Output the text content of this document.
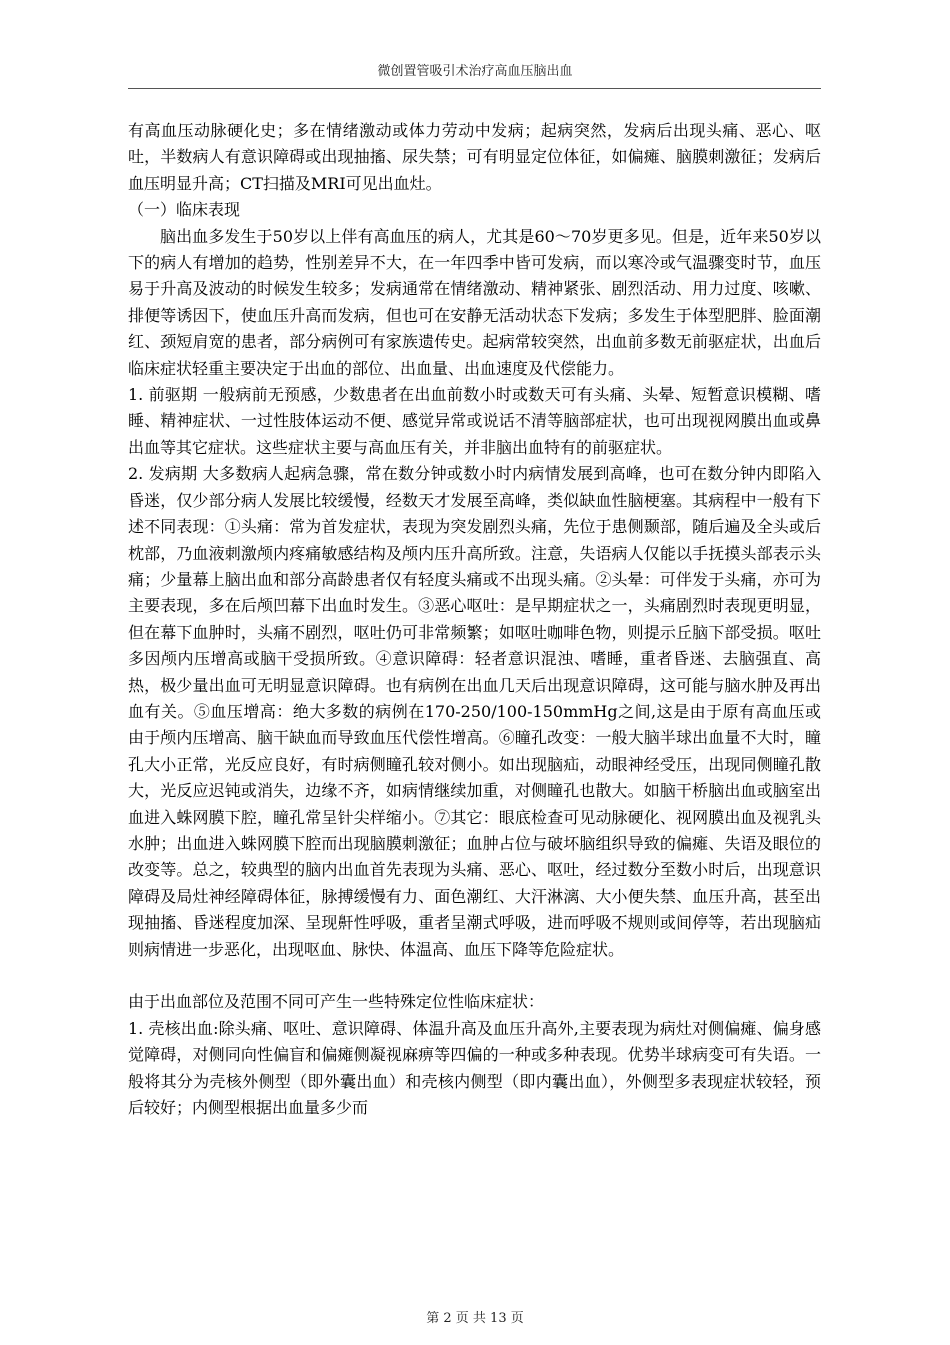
微创置管吸引术治疗高血压脑出血

有高血压动脉硬化史；多在情绪激动或体力劳动中发病；起病突然，发病后出现头痛、恶心、呕吐，半数病人有意识障碍或出现抽搐、尿失禁；可有明显定位体征，如偏瘫、脑膜刺激征；发病后血压明显升高；CT扫描及MRI可见出血灶。

（一）临床表现

脑出血多发生于50岁以上伴有高血压的病人，尤其是60～70岁更多见。但是，近年来50岁以下的病人有增加的趋势，性别差异不大，在一年四季中皆可发病，而以寒冷或气温骤变时节，血压易于升高及波动的时候发生较多；发病通常在情绪激动、精神紧张、剧烈活动、用力过度、咳嗽、排便等诱因下，使血压升高而发病，但也可在安静无活动状态下发病；多发生于体型肥胖、脸面潮红、颈短肩宽的患者，部分病例可有家族遗传史。起病常较突然，出血前多数无前驱症状，出血后临床症状轻重主要决定于出血的部位、出血量、出血速度及代偿能力。

1. 前驱期 一般病前无预感，少数患者在出血前数小时或数天可有头痛、头晕、短暂意识模糊、嗜睡、精神症状、一过性肢体运动不便、感觉异常或说话不清等脑部症状，也可出现视网膜出血或鼻出血等其它症状。这些症状主要与高血压有关，并非脑出血特有的前驱症状。

2. 发病期 大多数病人起病急骤，常在数分钟或数小时内病情发展到高峰，也可在数分钟内即陷入昏迷，仅少部分病人发展比较缓慢，经数天才发展至高峰，类似缺血性脑梗塞。其病程中一般有下述不同表现：①头痛：常为首发症状，表现为突发剧烈头痛，先位于患侧颞部，随后遍及全头或后枕部，乃血液刺激颅内疼痛敏感结构及颅内压升高所致。注意，失语病人仅能以手抚摸头部表示头痛；少量幕上脑出血和部分高龄患者仅有轻度头痛或不出现头痛。②头晕：可伴发于头痛，亦可为主要表现，多在后颅凹幕下出血时发生。③恶心呕吐：是早期症状之一，头痛剧烈时表现更明显，但在幕下血肿时，头痛不剧烈，呕吐仍可非常频繁；如呕吐咖啡色物，则提示丘脑下部受损。呕吐多因颅内压增高或脑干受损所致。④意识障碍：轻者意识混浊、嗜睡，重者昏迷、去脑强直、高热，极少量出血可无明显意识障碍。也有病例在出血几天后出现意识障碍，这可能与脑水肿及再出血有关。⑤血压增高：绝大多数的病例在170-250/100-150mmHg之间,这是由于原有高血压或由于颅内压增高、脑干缺血而导致血压代偿性增高。⑥瞳孔改变：一般大脑半球出血量不大时，瞳孔大小正常，光反应良好，有时病侧瞳孔较对侧小。如出现脑疝，动眼神经受压，出现同侧瞳孔散大，光反应迟钝或消失，边缘不齐，如病情继续加重，对侧瞳孔也散大。如脑干桥脑出血或脑室出血进入蛛网膜下腔，瞳孔常呈针尖样缩小。⑦其它：眼底检查可见动脉硬化、视网膜出血及视乳头水肿；出血进入蛛网膜下腔而出现脑膜刺激征；血肿占位与破坏脑组织导致的偏瘫、失语及眼位的改变等。总之，较典型的脑内出血首先表现为头痛、恶心、呕吐，经过数分至数小时后，出现意识障碍及局灶神经障碍体征，脉搏缓慢有力、面色潮红、大汗淋漓、大小便失禁、血压升高，甚至出现抽搐、昏迷程度加深、呈现鼾性呼吸，重者呈潮式呼吸，进而呼吸不规则或间停等，若出现脑疝则病情进一步恶化，出现呕血、脉快、体温高、血压下降等危险症状。

由于出血部位及范围不同可产生一些特殊定位性临床症状：

1. 壳核出血:除头痛、呕吐、意识障碍、体温升高及血压升高外,主要表现为病灶对侧偏瘫、偏身感觉障碍，对侧同向性偏盲和偏瘫侧凝视麻痹等四偏的一种或多种表现。优势半球病变可有失语。一般将其分为壳核外侧型（即外囊出血）和壳核内侧型（即内囊出血），外侧型多表现症状较轻，预后较好；内侧型根据出血量多少而

第 2 页 共 13 页
